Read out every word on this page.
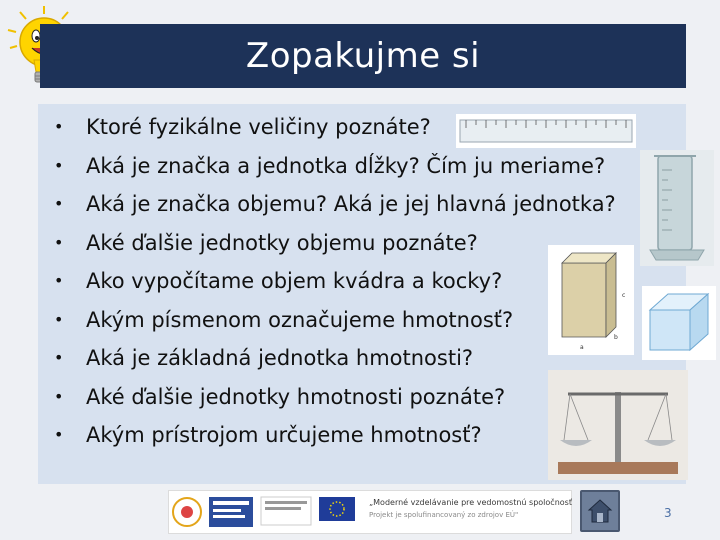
Zopakujme si
• Ktoré fyzikálne veličiny poznáte?
• Aká je značka a jednotka dĺžky? Čím ju meriame?
• Aká je značka objemu? Aká je jej hlavná jednotka?
• Aké ďalšie jednotky objemu poznáte?
• Ako vypočítame objem kvádra a kocky?
• Akým písmenom označujeme hmotnosť?
• Aká je základná jednotka hmotnosti?
• Aké ďalšie jednotky hmotnosti poznáte?
• Akým prístrojom určujeme hmotnosť?
a
b
c
„Moderné vzdelávanie pre vedomostnú spoločnosť
Projekt je spolufinancovaný zo zdrojov EÚ"	3
